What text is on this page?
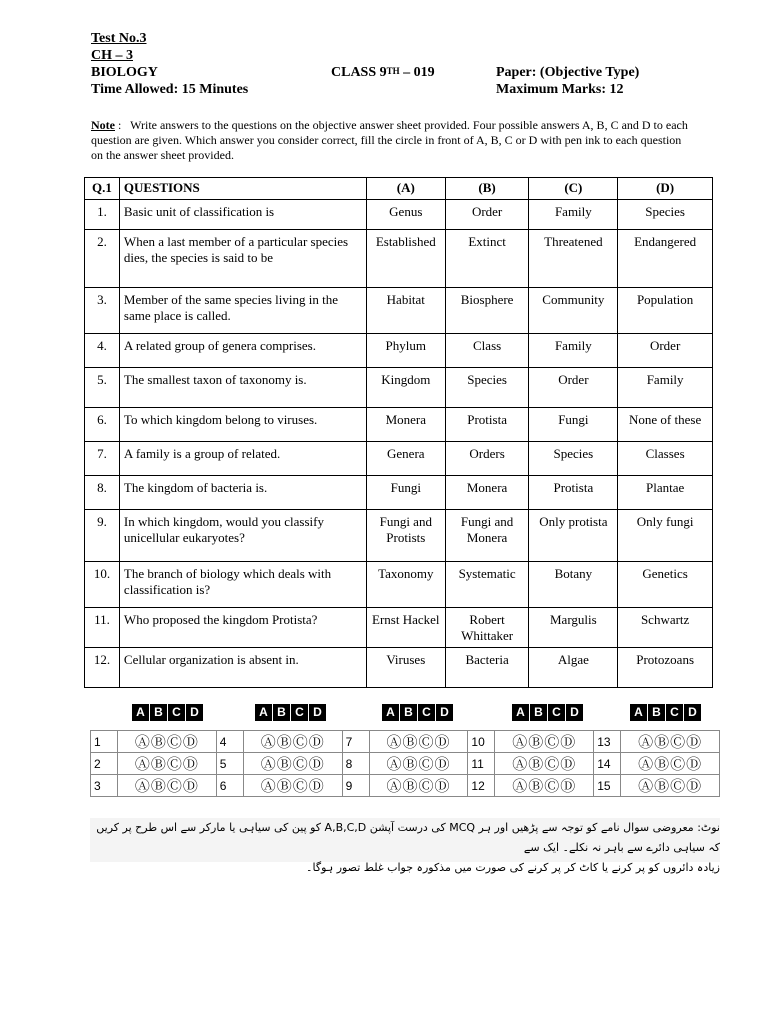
Test No.3
CH – 3
BIOLOGY	CLASS 9TH – 019	Paper: (Objective Type)
Time Allowed: 15 Minutes	Maximum Marks: 12
Note : Write answers to the questions on the objective answer sheet provided. Four possible answers A, B, C and D to each question are given. Which answer you consider correct, fill the circle in front of A, B, C or D with pen ink to each question on the answer sheet provided.
Q.1	QUESTIONS	(A)	(B)	(C)	(D)
1.	Basic unit of classification is	Genus	Order	Family	Species
2.	When a last member of a particular species dies, the species is said to be	Established	Extinct	Threatened	Endangered
3.	Member of the same species living in the same place is called.	Habitat	Biosphere	Community	Population
4.	A related group of genera comprises.	Phylum	Class	Family	Order
5.	The smallest taxon of taxonomy is.	Kingdom	Species	Order	Family
6.	To which kingdom belong to viruses.	Monera	Protista	Fungi	None of these
7.	A family is a group of related.	Genera	Orders	Species	Classes
8.	The kingdom of bacteria is.	Fungi	Monera	Protista	Plantae
9.	In which kingdom, would you classify unicellular eukaryotes?	Fungi and Protists	Fungi and Monera	Only protista	Only fungi
10.	The branch of biology which deals with classification is?	Taxonomy	Systematic	Botany	Genetics
11.	Who proposed the kingdom Protista?	Ernst Hackel	Robert Whittaker	Margulis	Schwartz
12.	Cellular organization is absent in.	Viruses	Bacteria	Algae	Protozoans
A B C D	A B C D	A B C D	A B C D	A B C D
1	ⒶⒷⒸⒹ	4	ⒶⒷⒸⒹ	7	ⒶⒷⒸⒹ	10	ⒶⒷⒸⒹ	13	ⒶⒷⒸⒹ
2	ⒶⒷⒸⒹ	5	ⒶⒷⒸⒹ	8	ⒶⒷⒸⒹ	11	ⒶⒷⒸⒹ	14	ⒶⒷⒸⒹ
3	ⒶⒷⒸⒹ	6	ⒶⒷⒸⒹ	9	ⒶⒷⒸⒹ	12	ⒶⒷⒸⒹ	15	ⒶⒷⒸⒹ
نوٹ: معروضی سوال نامے کو توجہ سے پڑھیں اور ہر MCQ کی درست آپشن A,B,C,D کو پین کی سیاہی یا مارکر سے اس طرح پر کریں کہ سیاہی دائرے سے باہر نہ نکلے۔ ایک سے
زیادہ دائروں کو پر کرنے یا کاٹ کر پر کرنے کی صورت میں مذکورہ جواب غلط تصور ہوگا۔
